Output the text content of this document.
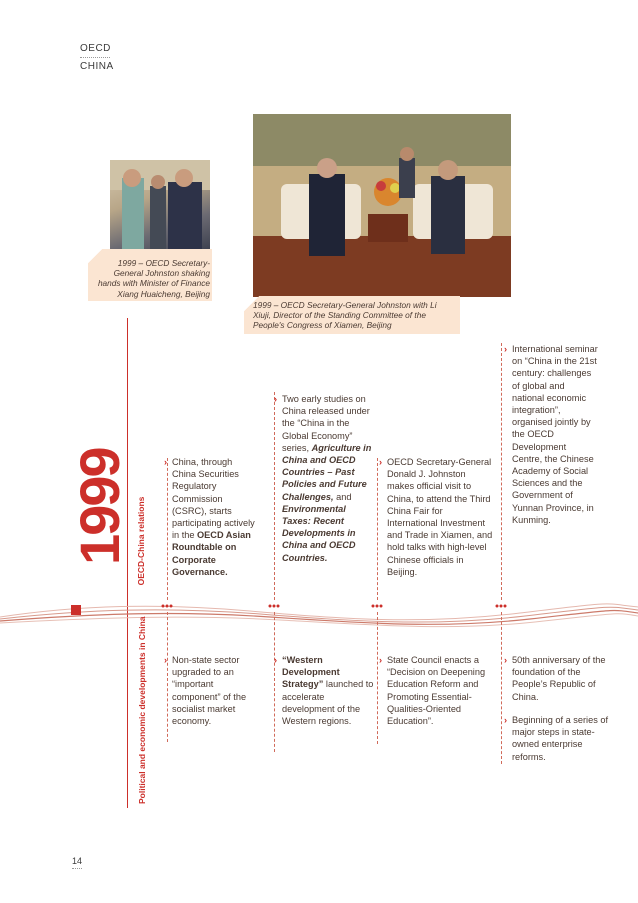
OECD
CHINA
1999 – OECD Secretary-General Johnston shaking hands with Minister of Finance Xiang Huaicheng, Beijing
1999 – OECD Secretary-General Johnston with Li Xiuji, Director of the Standing Committee of the People's Congress of Xiamen, Beijing
1999 OECD-China relations
Political and economic developments in China
› China, through China Securities Regulatory Commission (CSRC), starts participating actively in the OECD Asian Roundtable on Corporate Governance.
› Two early studies on China released under the “China in the Global Economy” series, Agriculture in China and OECD Countries – Past Policies and Future Challenges, and Environmental Taxes: Recent Developments in China and OECD Countries.
› OECD Secretary-General Donald J. Johnston makes official visit to China, to attend the Third China Fair for International Investment and Trade in Xiamen, and hold talks with high-level Chinese officials in Beijing.
› International seminar on “China in the 21st century: challenges of global and national economic integration”, organised jointly by the OECD Development Centre, the Chinese Academy of Social Sciences and the Government of Yunnan Province, in Kunming.
› Non-state sector upgraded to an “important component” of the socialist market economy.
› “Western Development Strategy” launched to accelerate development of the Western regions.
› State Council enacts a “Decision on Deepening Education Reform and Promoting Essential-Qualities-Oriented Education”.
› 50th anniversary of the foundation of the People’s Republic of China.
› Beginning of a series of major steps in state-owned enterprise reforms.
14
